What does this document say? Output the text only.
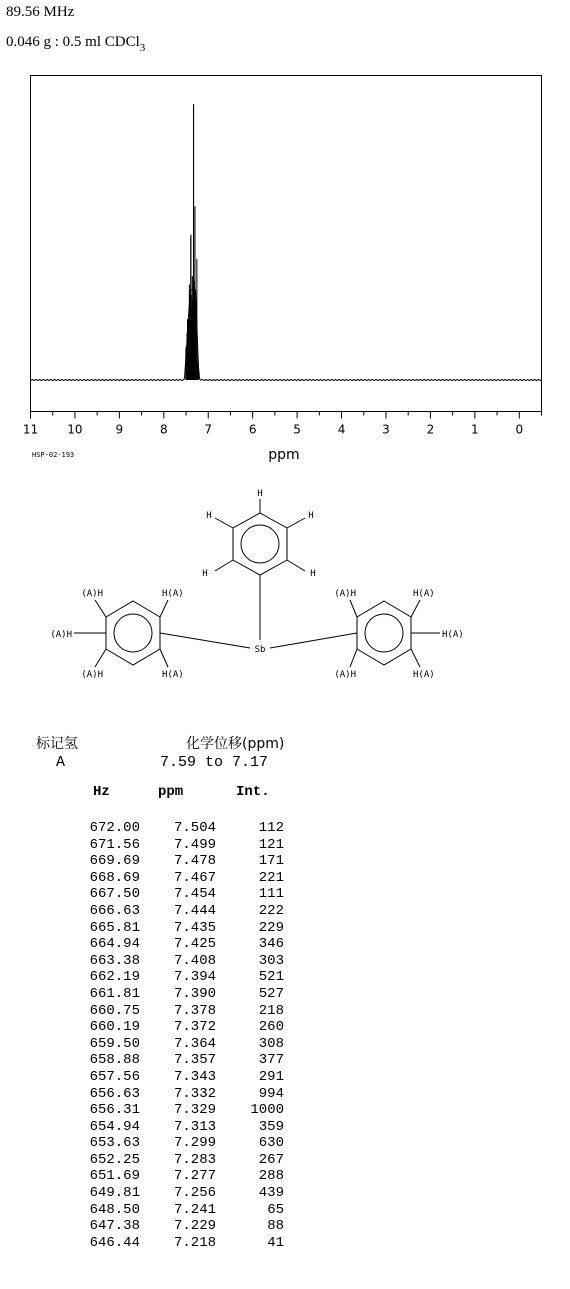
89.56 MHz
0.046 g : 0.5 ml CDCl$_3$
11 10	9	8	7	6	5	4	3	2	1	0
ppm
HSP-02-193
Sb
H
H	H
H	H
(A)H	H(A)
(A)H
(A)H	H(A)
(A)H	H(A)
H(A)
(A)H	H(A)
标记氢	化学位移(ppm)
A	7.59 to 7.17
Hz	ppm	Int.
672.00	7.504	112
671.56	7.499	121
669.69	7.478	171
668.69	7.467	221
667.50	7.454	111
666.63	7.444	222
665.81	7.435	229
664.94	7.425	346
663.38	7.408	303
662.19	7.394	521
661.81	7.390	527
660.75	7.378	218
660.19	7.372	260
659.50	7.364	308
658.88	7.357	377
657.56	7.343	291
656.63	7.332	994
656.31	7.329	1000
654.94	7.313	359
653.63	7.299	630
652.25	7.283	267
651.69	7.277	288
649.81	7.256	439
648.50	7.241	65
647.38	7.229	88
646.44	7.218	41
